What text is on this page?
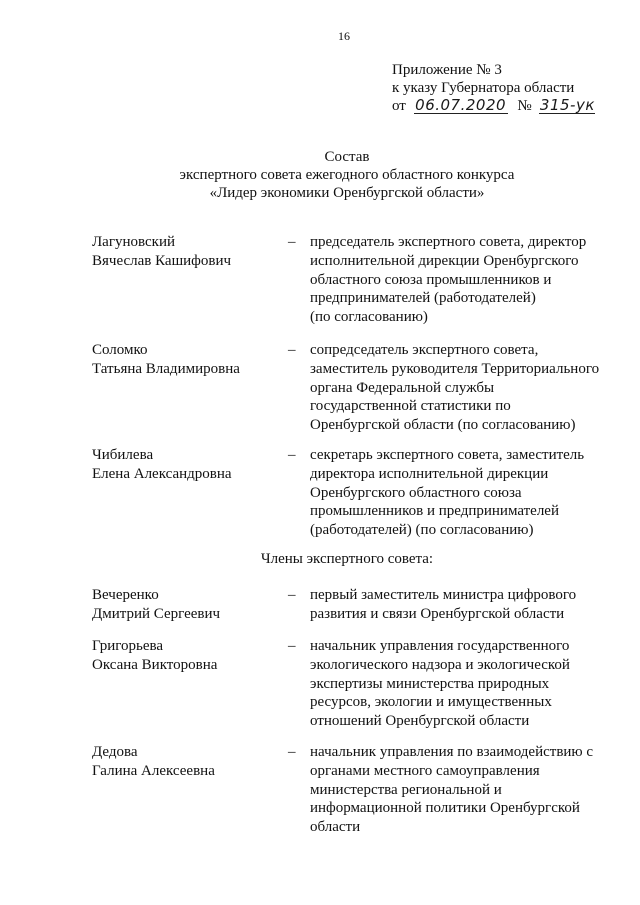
16
Приложение № 3
к указу Губернатора области
от 06.07.2020 № 315-ук
Состав
экспертного совета ежегодного областного конкурса
«Лидер экономики Оренбургской области»
Лагуновский
Вячеслав Кашифович
– председатель экспертного совета, директор
исполнительной дирекции Оренбургского
областного союза промышленников и
предпринимателей (работодателей)
(по согласованию)
Соломко
Татьяна Владимировна
– сопредседатель экспертного совета,
заместитель руководителя Территориального
органа Федеральной службы
государственной статистики по
Оренбургской области (по согласованию)
Чибилева
Елена Александровна
– секретарь экспертного совета, заместитель
директора исполнительной дирекции
Оренбургского областного союза
промышленников и предпринимателей
(работодателей) (по согласованию)
Члены экспертного совета:
Вечеренко
Дмитрий Сергеевич
– первый заместитель министра цифрового
развития и связи Оренбургской области
Григорьева
Оксана Викторовна
– начальник управления государственного
экологического надзора и экологической
экспертизы министерства природных
ресурсов, экологии и имущественных
отношений Оренбургской области
Дедова
Галина Алексеевна
– начальник управления по взаимодействию с
органами местного самоуправления
министерства региональной и
информационной политики Оренбургской
области
